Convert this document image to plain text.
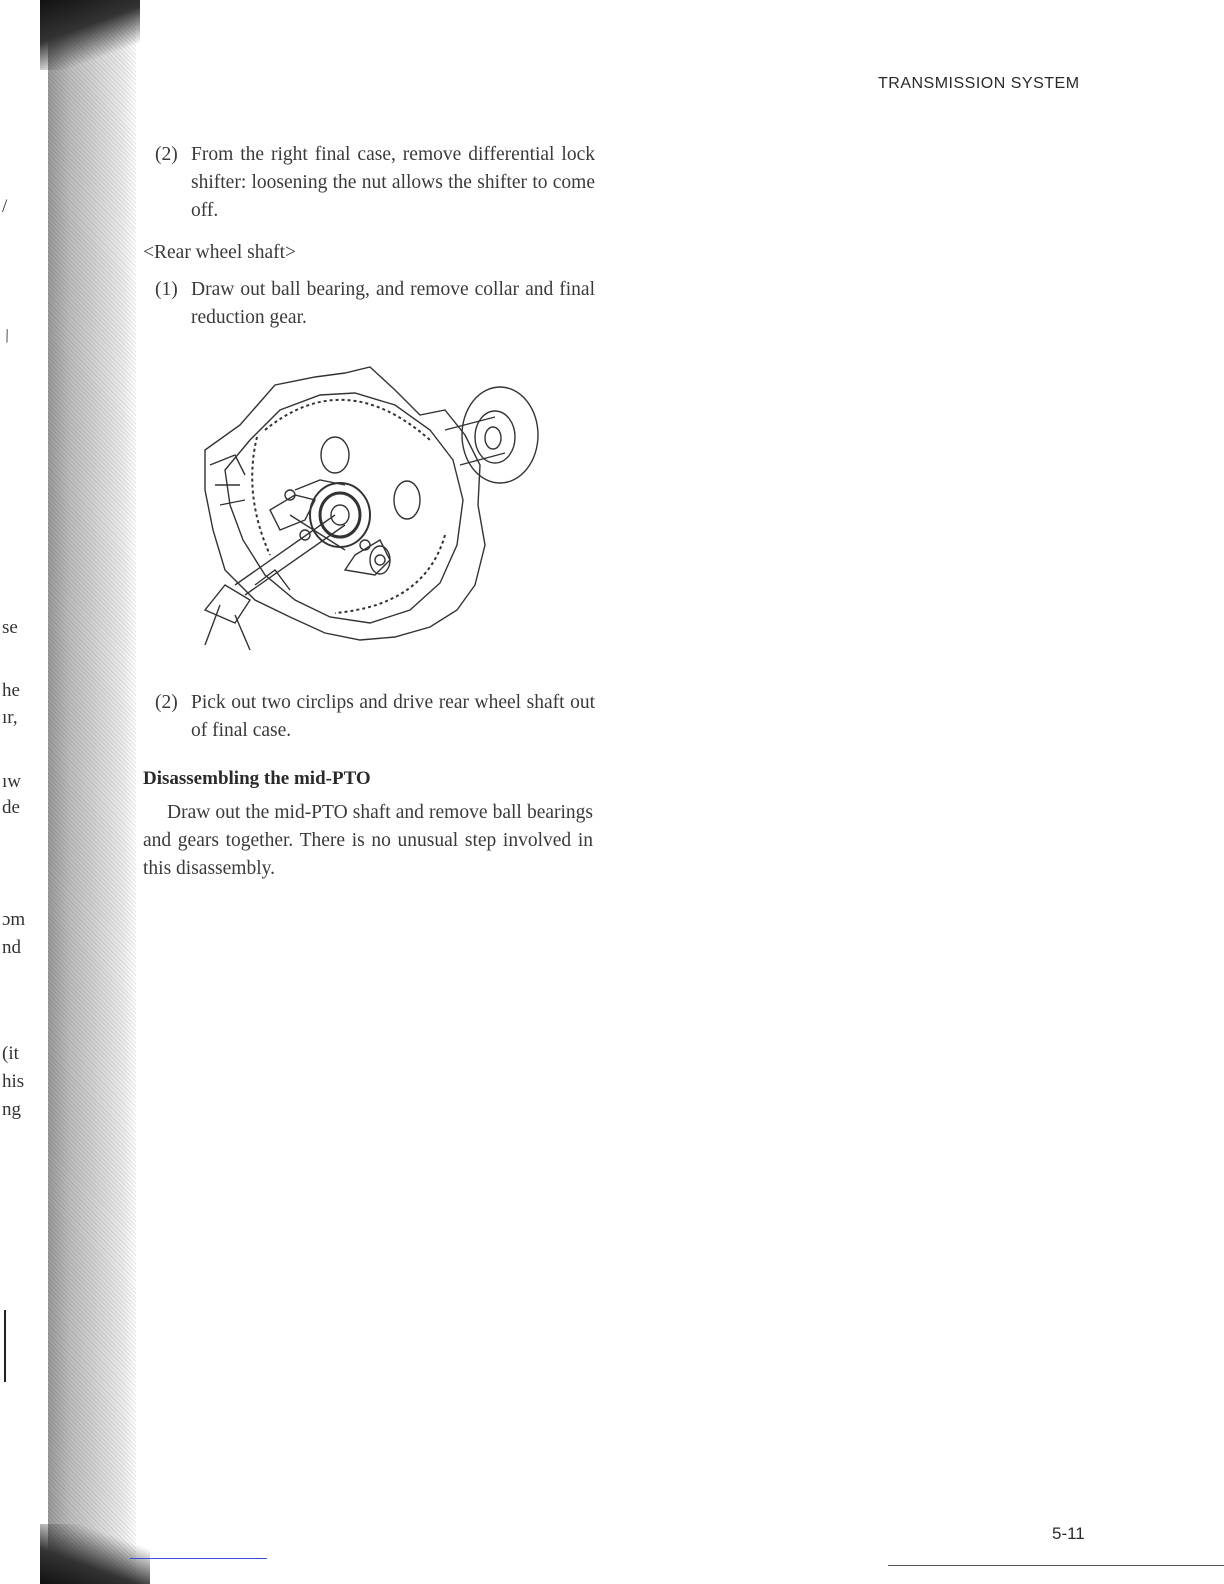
/
\
se
he
ır,
ıw
de
ɔm
nd
(it
his
ng
TRANSMISSION SYSTEM
(2) From the right final case, remove differential lock shifter: loosening the nut allows the shifter to come off.
<Rear wheel shaft>
(1) Draw out ball bearing, and remove collar and final reduction gear.
(2) Pick out two circlips and drive rear wheel shaft out of final case.
Disassembling the mid-PTO
Draw out the mid-PTO shaft and remove ball bearings and gears together. There is no unusual step involved in this disassembly.
5-11
